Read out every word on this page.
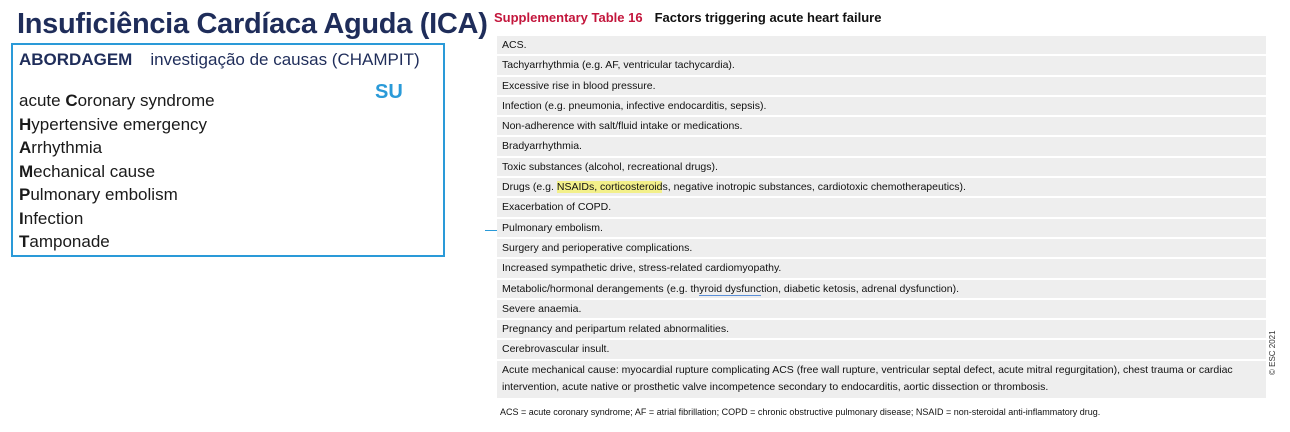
Insuficiência Cardíaca Aguda (ICA)
ABORDAGEM investigação de causas (CHAMPIT)
SU
acute Coronary syndrome
Hypertensive emergency
Arrhythmia
Mechanical cause
Pulmonary embolism
Infection
Tamponade
Supplementary Table 16 Factors triggering acute heart failure
ACS.
Tachyarrhythmia (e.g. AF, ventricular tachycardia).
Excessive rise in blood pressure.
Infection (e.g. pneumonia, infective endocarditis, sepsis).
Non-adherence with salt/fluid intake or medications.
Bradyarrhythmia.
Toxic substances (alcohol, recreational drugs).
Drugs (e.g. NSAIDs, corticosteroids, negative inotropic substances, cardiotoxic chemotherapeutics).
Exacerbation of COPD.
Pulmonary embolism.
Surgery and perioperative complications.
Increased sympathetic drive, stress-related cardiomyopathy.
Metabolic/hormonal derangements (e.g. thyroid dysfunction, diabetic ketosis, adrenal dysfunction).
Severe anaemia.
Pregnancy and peripartum related abnormalities.
Cerebrovascular insult.
Acute mechanical cause: myocardial rupture complicating ACS (free wall rupture, ventricular septal defect, acute mitral regurgitation), chest trauma or cardiac intervention, acute native or prosthetic valve incompetence secondary to endocarditis, aortic dissection or thrombosis.
ACS = acute coronary syndrome; AF = atrial fibrillation; COPD = chronic obstructive pulmonary disease; NSAID = non-steroidal anti-inflammatory drug.
© ESC 2021
